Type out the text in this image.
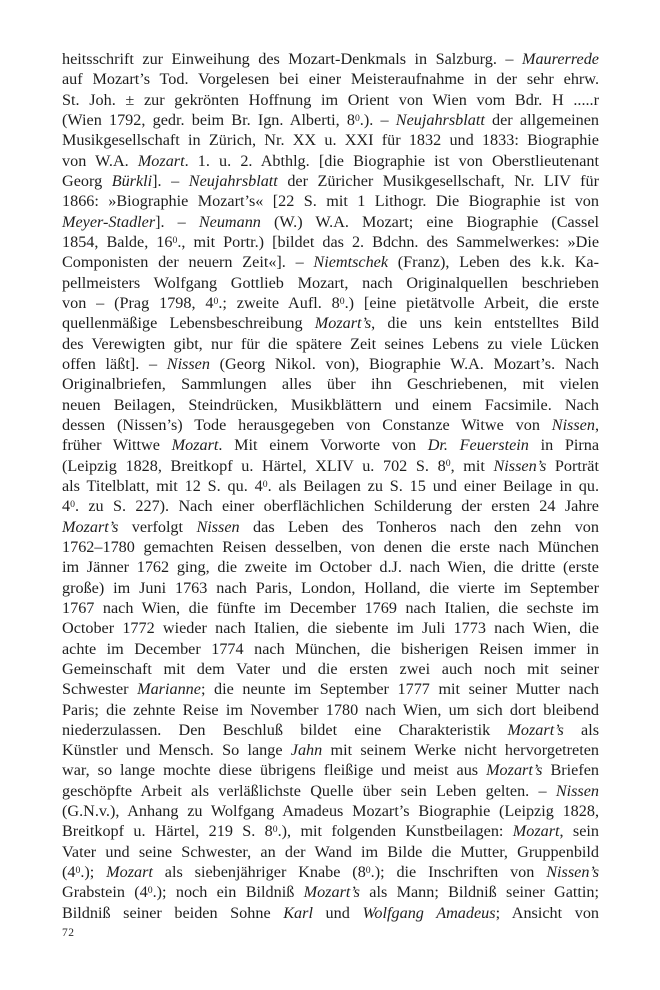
heitsschrift zur Einweihung des Mozart-Denkmals in Salzburg. – Maurerrede
auf Mozart’s Tod. Vorgelesen bei einer Meisteraufnahme in der sehr ehrw.
St. Joh. ± zur gekrönten Hoffnung im Orient von Wien vom Bdr. H .....r
(Wien 1792, gedr. beim Br. Ign. Alberti, $8^0$.). – Neujahrsblatt der allgemeinen
Musikgesellschaft in Zürich, Nr. XX u. XXI für 1832 und 1833: Biographie
von W.A. Mozart. 1. u. 2. Abthlg. [die Biographie ist von Oberstlieutenant
Georg Bürkli]. – Neujahrsblatt der Züricher Musikgesellschaft, Nr. LIV für
1866: »Biographie Mozart’s« [22 S. mit 1 Lithogr. Die Biographie ist von
Meyer-Stadler]. – Neumann (W.) W.A. Mozart; eine Biographie (Cassel
1854, Balde, $16^0$., mit Portr.) [bildet das 2. Bdchn. des Sammelwerkes: »Die
Componisten der neuern Zeit«]. – Niemtschek (Franz), Leben des k.k. Ka-
pellmeisters Wolfgang Gottlieb Mozart, nach Originalquellen beschrieben
von – (Prag 1798, $4^0$.; zweite Aufl. $8^0$.) [eine pietätvolle Arbeit, die erste
quellenmäßige Lebensbeschreibung Mozart’s, die uns kein entstelltes Bild
des Verewigten gibt, nur für die spätere Zeit seines Lebens zu viele Lücken
offen läßt]. – Nissen (Georg Nikol. von), Biographie W.A. Mozart’s. Nach
Originalbriefen, Sammlungen alles über ihn Geschriebenen, mit vielen
neuen Beilagen, Steindrücken, Musikblättern und einem Facsimile. Nach
dessen (Nissen’s) Tode herausgegeben von Constanze Witwe von Nissen,
früher Wittwe Mozart. Mit einem Vorworte von Dr. Feuerstein in Pirna
(Leipzig 1828, Breitkopf u. Härtel, XLIV u. 702 S. $8^0$, mit Nissen’s Porträt
als Titelblatt, mit 12 S. qu. $4^0$. als Beilagen zu S. 15 und einer Beilage in qu.
$4^0$. zu S. 227). Nach einer oberflächlichen Schilderung der ersten 24 Jahre
Mozart’s verfolgt Nissen das Leben des Tonheros nach den zehn von
1762–1780 gemachten Reisen desselben, von denen die erste nach München
im Jänner 1762 ging, die zweite im October d.J. nach Wien, die dritte (erste
große) im Juni 1763 nach Paris, London, Holland, die vierte im September
1767 nach Wien, die fünfte im December 1769 nach Italien, die sechste im
October 1772 wieder nach Italien, die siebente im Juli 1773 nach Wien, die
achte im December 1774 nach München, die bisherigen Reisen immer in
Gemeinschaft mit dem Vater und die ersten zwei auch noch mit seiner
Schwester Marianne; die neunte im September 1777 mit seiner Mutter nach
Paris; die zehnte Reise im November 1780 nach Wien, um sich dort bleibend
niederzulassen. Den Beschluß bildet eine Charakteristik Mozart’s als
Künstler und Mensch. So lange Jahn mit seinem Werke nicht hervorgetreten
war, so lange mochte diese übrigens fleißige und meist aus Mozart’s Briefen
geschöpfte Arbeit als verläßlichste Quelle über sein Leben gelten. – Nissen
(G.N.v.), Anhang zu Wolfgang Amadeus Mozart’s Biographie (Leipzig 1828,
Breitkopf u. Härtel, 219 S. $8^0$.), mit folgenden Kunstbeilagen: Mozart, sein
Vater und seine Schwester, an der Wand im Bilde die Mutter, Gruppenbild
$(4^0.)$; Mozart als siebenjähriger Knabe $(8^0.)$; die Inschriften von Nissen’s
Grabstein $(4^0.)$; noch ein Bildniß Mozart’s als Mann; Bildniß seiner Gattin;
Bildniß seiner beiden Sohne Karl und Wolfgang Amadeus; Ansicht von
72
